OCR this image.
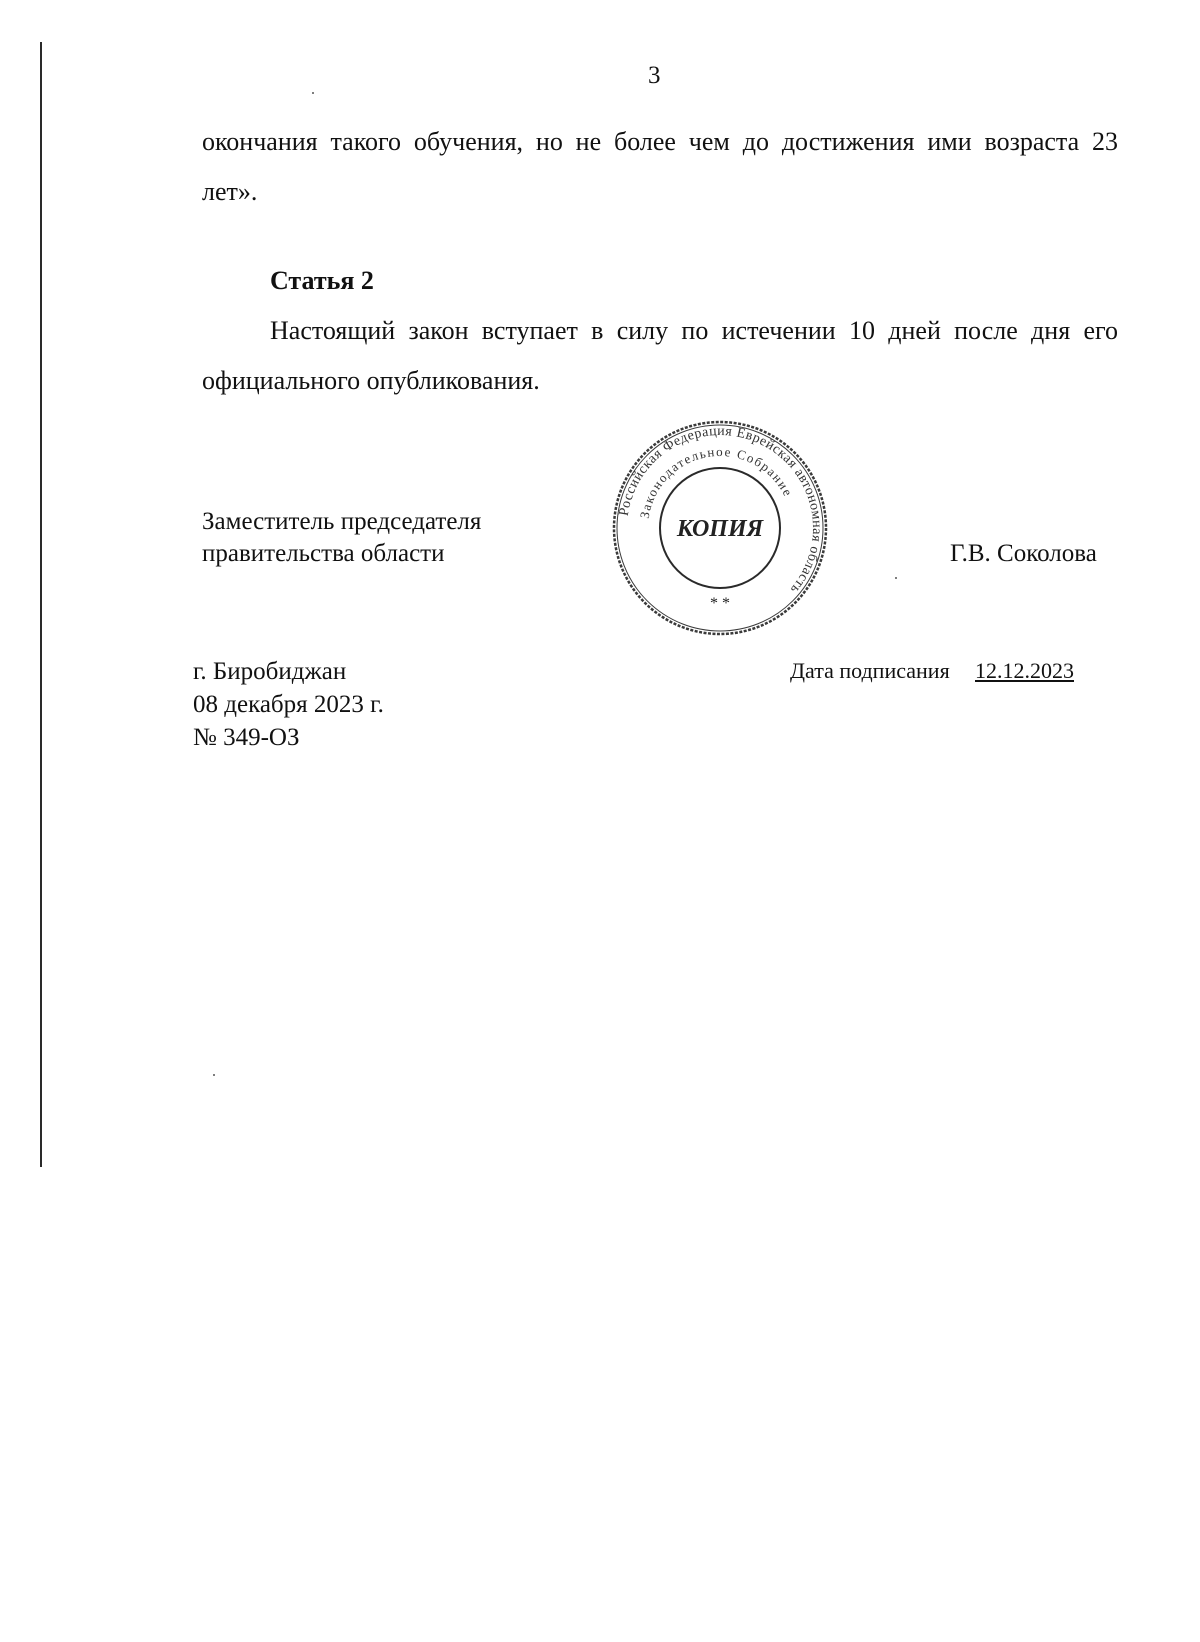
3
окончания такого обучения, но не более чем до достижения ими возраста 23
лет».
Статья 2
Настоящий закон вступает в силу по истечении 10 дней после дня его
официального опубликования.
Заместитель председателя
правительства области	Г.В. Соколова
Российская Федерация Еврейская автономная область
Законодательное Собрание
КОПИЯ
* *
г. Биробиджан
08 декабря 2023 г.
№ 349-ОЗ
Дата подписания 12.12.2023
